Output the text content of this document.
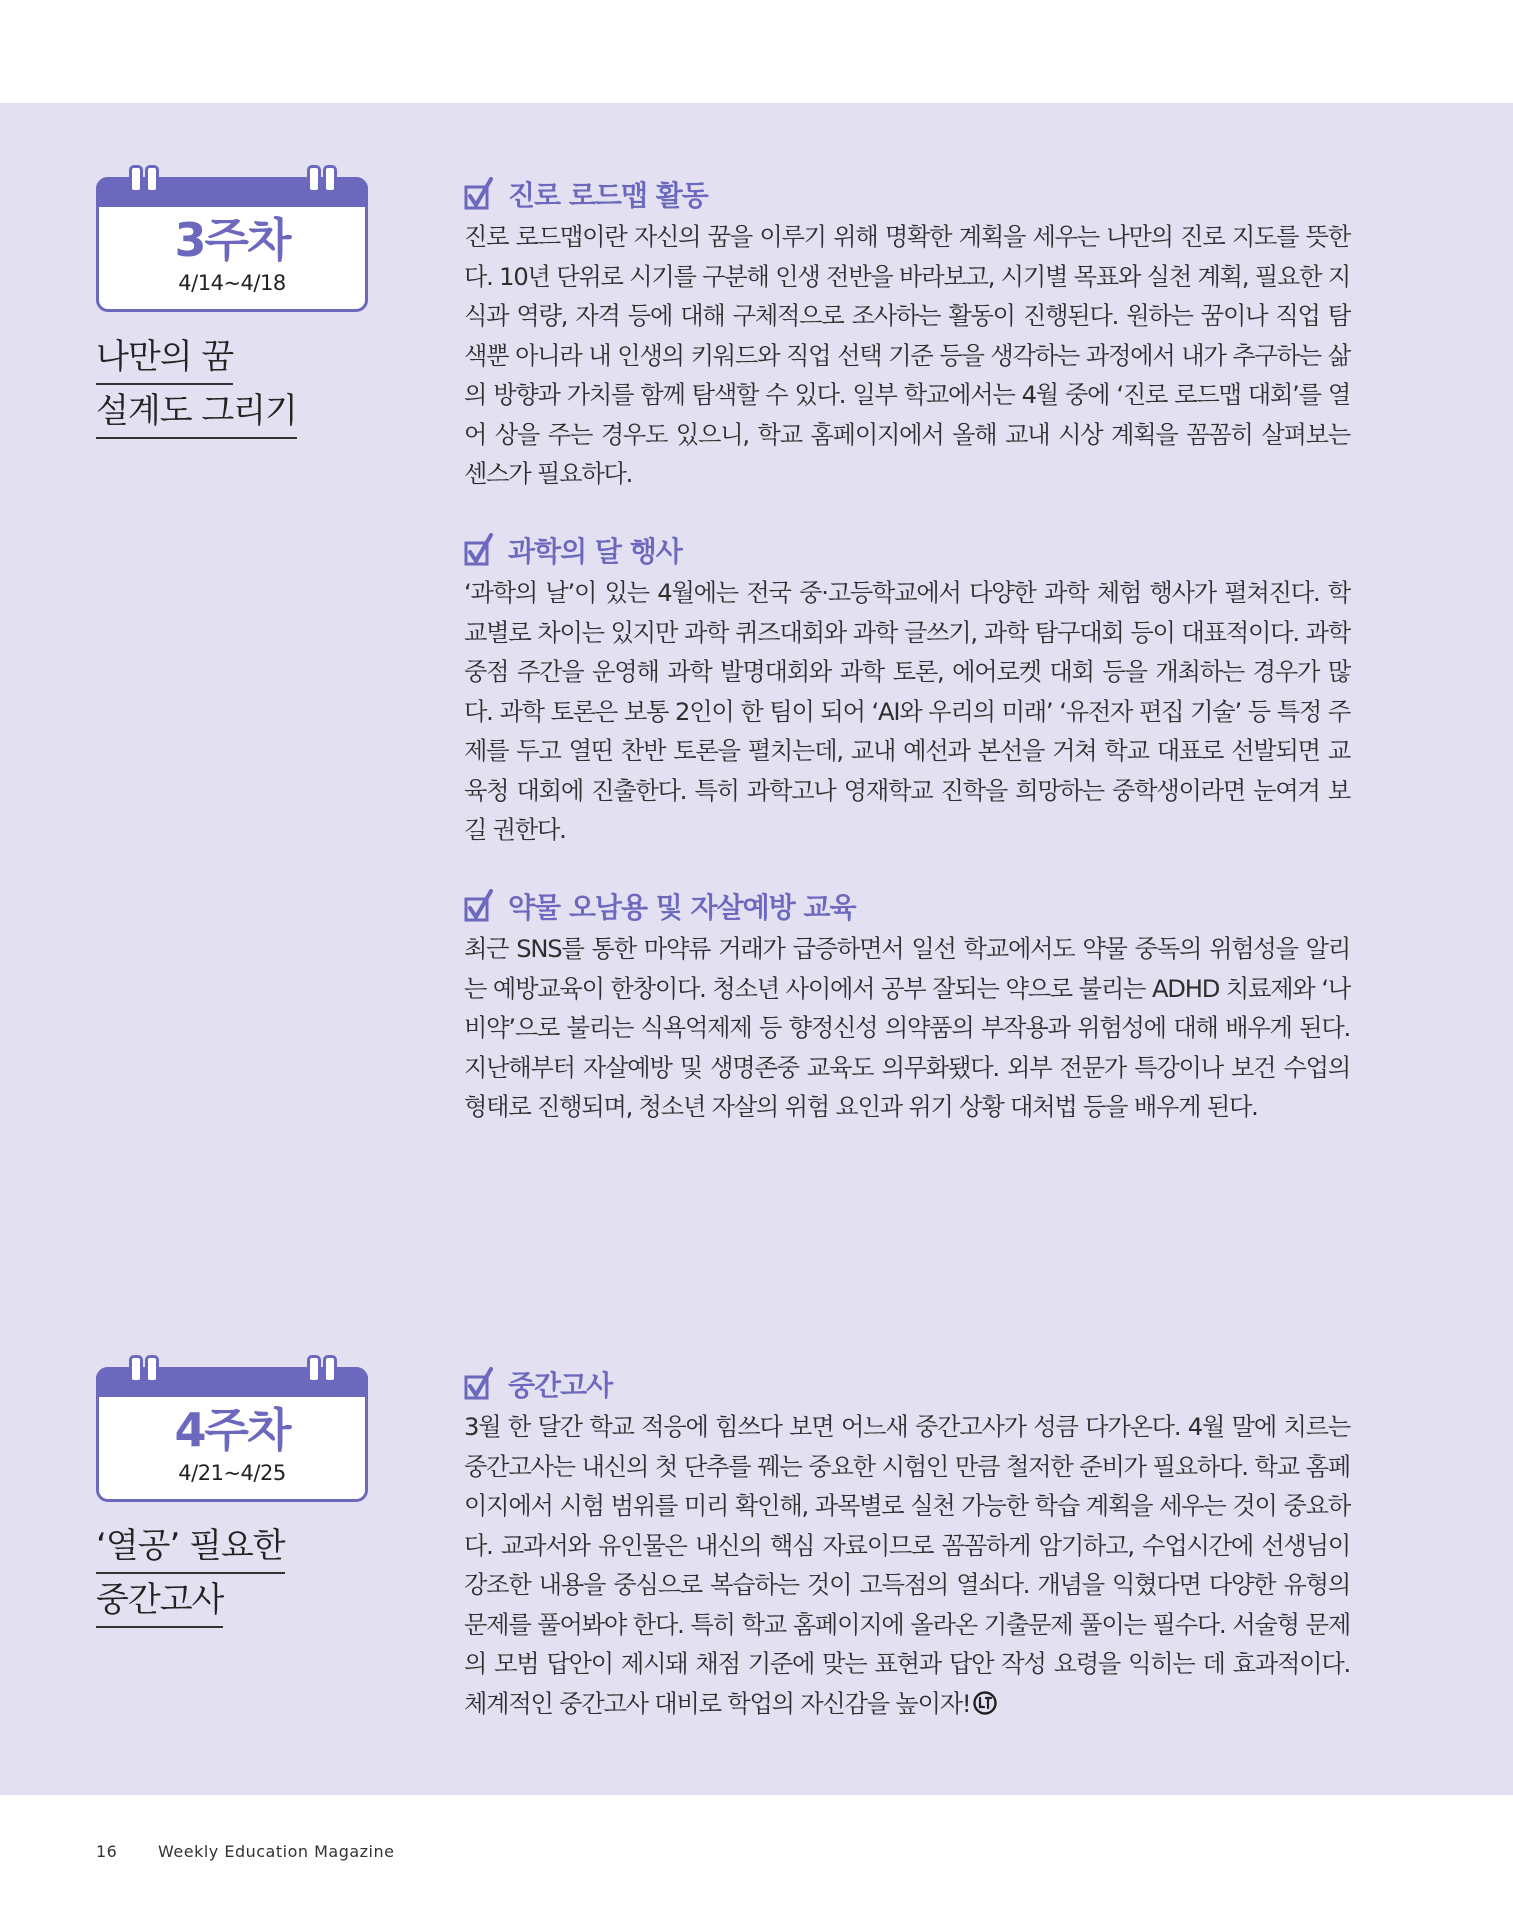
3주차
4/14~4/18
나만의 꿈
설계도 그리기
4주차
4/21~4/25
‘열공’ 필요한
중간고사
진로 로드맵 활동

진로 로드맵이란 자신의 꿈을 이루기 위해 명확한 계획을 세우는 나만의 진로 지도를 뜻한다. 10년 단위로 시기를 구분해 인생 전반을 바라보고, 시기별 목표와 실천 계획, 필요한 지식과 역량, 자격 등에 대해 구체적으로 조사하는 활동이 진행된다. 원하는 꿈이나 직업 탐색뿐 아니라 내 인생의 키워드와 직업 선택 기준 등을 생각하는 과정에서 내가 추구하는 삶의 방향과 가치를 함께 탐색할 수 있다. 일부 학교에서는 4월 중에 ‘진로 로드맵 대회’를 열어 상을 주는 경우도 있으니, 학교 홈페이지에서 올해 교내 시상 계획을 꼼꼼히 살펴보는 센스가 필요하다.

과학의 달 행사

‘과학의 날’이 있는 4월에는 전국 중·고등학교에서 다양한 과학 체험 행사가 펼쳐진다. 학교별로 차이는 있지만 과학 퀴즈대회와 과학 글쓰기, 과학 탐구대회 등이 대표적이다. 과학 중점 주간을 운영해 과학 발명대회와 과학 토론, 에어로켓 대회 등을 개최하는 경우가 많다. 과학 토론은 보통 2인이 한 팀이 되어 ‘AI와 우리의 미래’ ‘유전자 편집 기술’ 등 특정 주제를 두고 열띤 찬반 토론을 펼치는데, 교내 예선과 본선을 거쳐 학교 대표로 선발되면 교육청 대회에 진출한다. 특히 과학고나 영재학교 진학을 희망하는 중학생이라면 눈여겨 보길 권한다.

약물 오남용 및 자살예방 교육

최근 SNS를 통한 마약류 거래가 급증하면서 일선 학교에서도 약물 중독의 위험성을 알리는 예방교육이 한창이다. 청소년 사이에서 공부 잘되는 약으로 불리는 ADHD 치료제와 ‘나비약’으로 불리는 식욕억제제 등 향정신성 의약품의 부작용과 위험성에 대해 배우게 된다. 지난해부터 자살예방 및 생명존중 교육도 의무화됐다. 외부 전문가 특강이나 보건 수업의 형태로 진행되며, 청소년 자살의 위험 요인과 위기 상황 대처법 등을 배우게 된다.

중간고사

3월 한 달간 학교 적응에 힘쓰다 보면 어느새 중간고사가 성큼 다가온다. 4월 말에 치르는 중간고사는 내신의 첫 단추를 꿰는 중요한 시험인 만큼 철저한 준비가 필요하다. 학교 홈페이지에서 시험 범위를 미리 확인해, 과목별로 실천 가능한 학습 계획을 세우는 것이 중요하다. 교과서와 유인물은 내신의 핵심 자료이므로 꼼꼼하게 암기하고, 수업시간에 선생님이 강조한 내용을 중심으로 복습하는 것이 고득점의 열쇠다. 개념을 익혔다면 다양한 유형의 문제를 풀어봐야 한다. 특히 학교 홈페이지에 올라온 기출문제 풀이는 필수다. 서술형 문제의 모범 답안이 제시돼 채점 기준에 맞는 표현과 답안 작성 요령을 익히는 데 효과적이다. 체계적인 중간고사 대비로 학업의 자신감을 높이자!

16	Weekly Education Magazine
